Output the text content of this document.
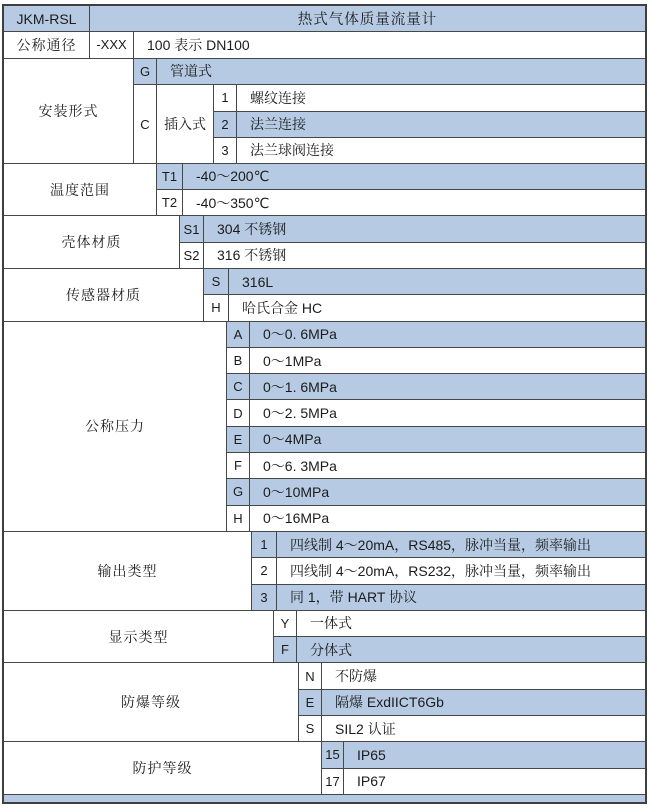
JKM-RSL	热式气体质量流量计
公称通径	-XXX	100 表示 DN100
安装形式
G	管道式
C	插入式
1	螺纹连接
2	法兰连接
3	法兰球阀连接
温度范围
T1	-40～200℃
T2	-40～350℃
壳体材质
S1	304 不锈钢
S2	316 不锈钢
传感器材质
S	316L
H	哈氏合金 HC
公称压力
A	0～0. 6MPa
B	0～1MPa
C	0～1. 6MPa
D	0～2. 5MPa
E	0～4MPa
F	0～6. 3MPa
G	0～10MPa
H	0～16MPa
输出类型
1	四线制 4～20mA，RS485，脉冲当量，频率输出
2	四线制 4～20mA，RS232，脉冲当量，频率输出
3	同 1，带 HART 协议
显示类型
Y	一体式
F	分体式
防爆等级
N	不防爆
E	隔爆 ExdIICT6Gb
S	SIL2 认证
防护等级
15	IP65
17	IP67
